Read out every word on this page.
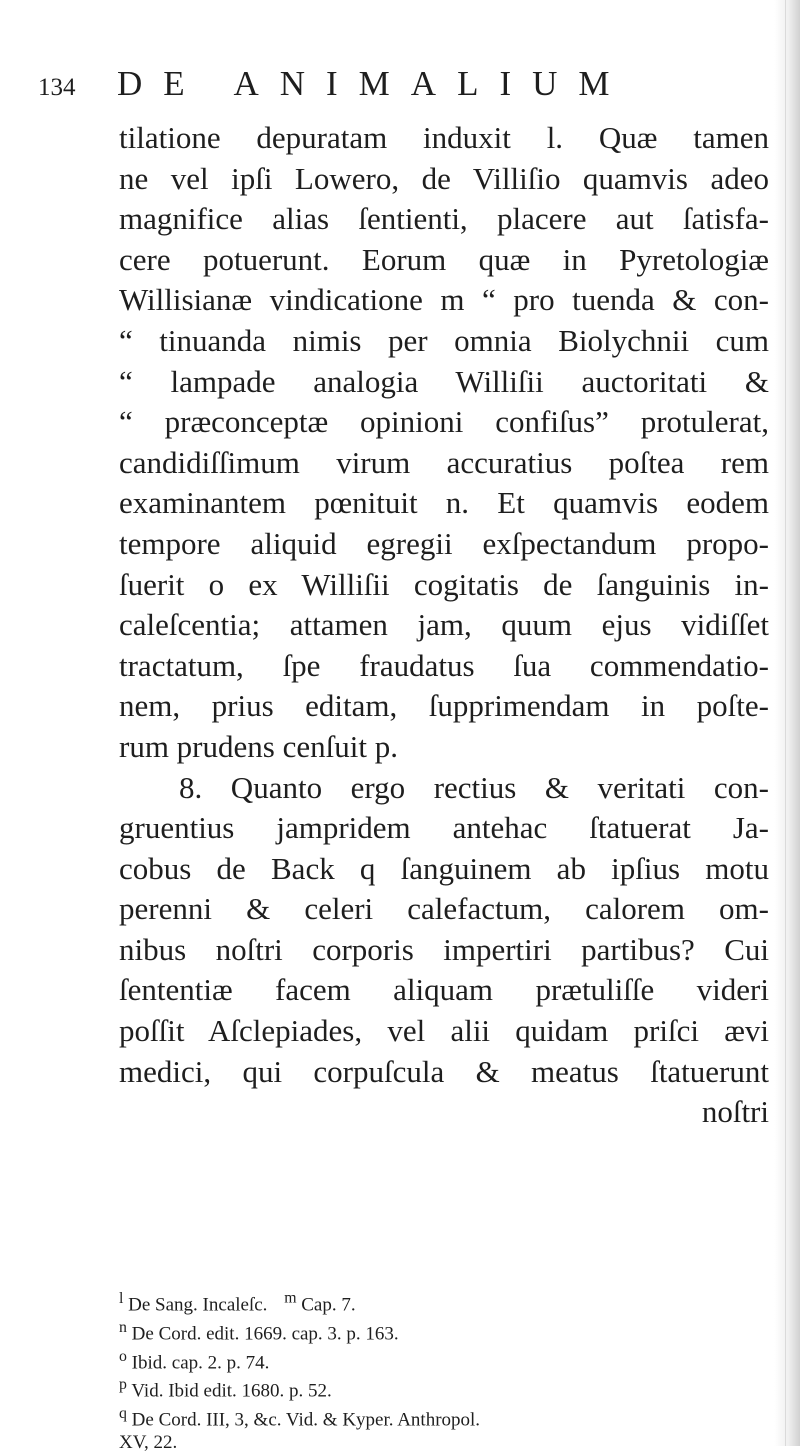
134 DE ANIMALIUM
tilatione depuratam induxit l. Quæ tamen
ne vel ipſi Lowero, de Villiſio quamvis adeo
magnifice alias ſentienti, placere aut ſatisfa-
cere potuerunt. Eorum quæ in Pyretologiæ
Willisianæ vindicatione m “ pro tuenda & con-
“ tinuanda nimis per omnia Biolychnii cum
“ lampade analogia Williſii auctoritati &
“ præconceptæ opinioni confiſus” protulerat,
candidiſſimum virum accuratius poſtea rem
examinantem pœnituit n. Et quamvis eodem
tempore aliquid egregii exſpectandum propo-
ſuerit o ex Williſii cogitatis de ſanguinis in-
caleſcentia; attamen jam, quum ejus vidiſſet
tractatum, ſpe fraudatus ſua commendatio-
nem, prius editam, ſupprimendam in poſte-
rum prudens cenſuit p.
8. Quanto ergo rectius & veritati con-
gruentius jampridem antehac ſtatuerat Ja-
cobus de Back q ſanguinem ab ipſius motu
perenni & celeri calefactum, calorem om-
nibus noſtri corporis impertiri partibus? Cui
ſententiæ facem aliquam prætuliſſe videri
poſſit Aſclepiades, vel alii quidam priſci ævi
medici, qui corpuſcula & meatus ſtatuerunt
noſtri
$^l$ De Sang. Incaleſc. $^m$ Cap. 7.
$^n$ De Cord. edit. 1669. cap. 3. p. 163.
$^o$ Ibid. cap. 2. p. 74.
$^p$ Vid. Ibid edit. 1680. p. 52.
$^q$ De Cord. III, 3, &c. Vid. & Kyper. Anthropol.
XV, 22.
